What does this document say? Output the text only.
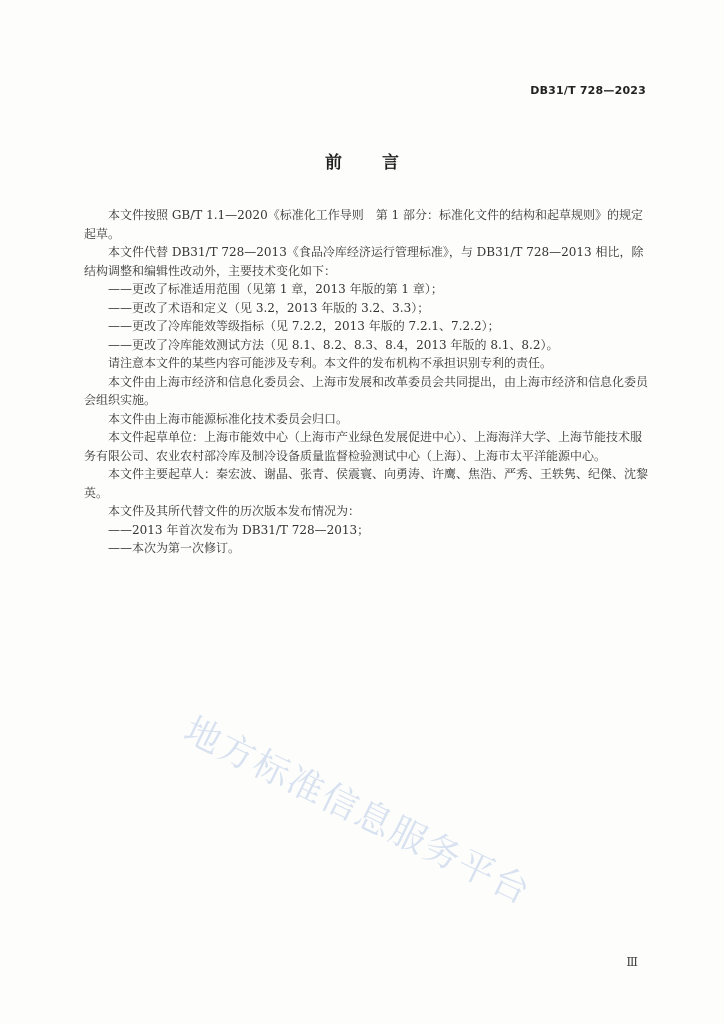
DB31/T 728—2023
前言

本文件按照 GB/T 1.1—2020《标准化工作导则　第 1 部分：标准化文件的结构和起草规则》的规定起草。

本文件代替 DB31/T 728—2013《食品冷库经济运行管理标准》，与 DB31/T 728—2013 相比，除结构调整和编辑性改动外，主要技术变化如下：

——更改了标准适用范围（见第 1 章，2013 年版的第 1 章）；

——更改了术语和定义（见 3.2，2013 年版的 3.2、3.3）；

——更改了冷库能效等级指标（见 7.2.2，2013 年版的 7.2.1、7.2.2）；

——更改了冷库能效测试方法（见 8.1、8.2、8.3、8.4，2013 年版的 8.1、8.2）。

请注意本文件的某些内容可能涉及专利。本文件的发布机构不承担识别专利的责任。

本文件由上海市经济和信息化委员会、上海市发展和改革委员会共同提出，由上海市经济和信息化委员会组织实施。

本文件由上海市能源标准化技术委员会归口。

本文件起草单位：上海市能效中心（上海市产业绿色发展促进中心）、上海海洋大学、上海节能技术服务有限公司、农业农村部冷库及制冷设备质量监督检验测试中心（上海）、上海市太平洋能源中心。

本文件主要起草人：秦宏波、谢晶、张青、侯震寰、向勇涛、许鹰、焦浩、严秀、王轶隽、纪傑、沈黎英。

本文件及其所代替文件的历次版本发布情况为：

——2013 年首次发布为 DB31/T 728—2013；

——本次为第一次修订。

地方标准信息服务平台
Ⅲ
